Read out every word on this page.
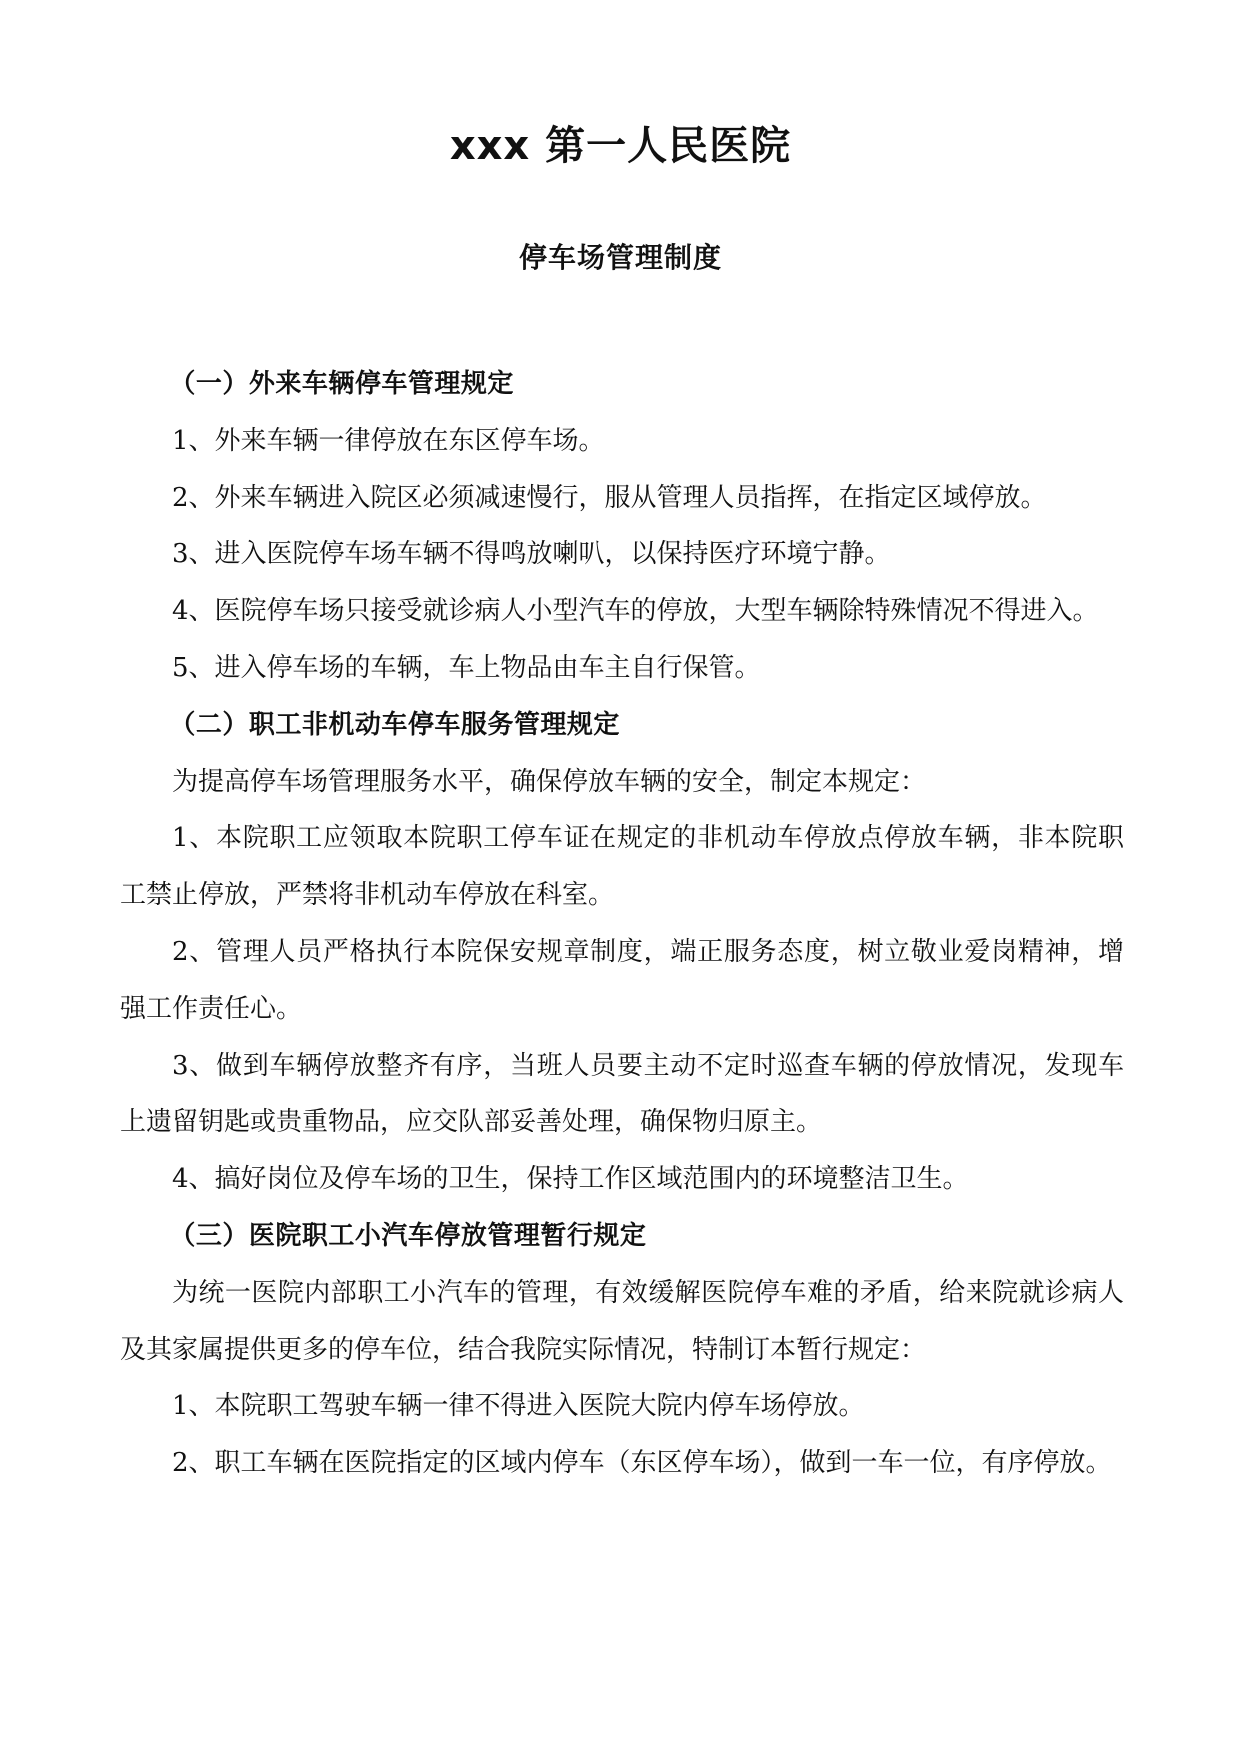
xxx 第一人民医院
停车场管理制度

（一）外来车辆停车管理规定

1、外来车辆一律停放在东区停车场。

2、外来车辆进入院区必须减速慢行，服从管理人员指挥，在指定区域停放。

3、进入医院停车场车辆不得鸣放喇叭，以保持医疗环境宁静。

4、医院停车场只接受就诊病人小型汽车的停放，大型车辆除特殊情况不得进入。

5、进入停车场的车辆，车上物品由车主自行保管。

（二）职工非机动车停车服务管理规定

为提高停车场管理服务水平，确保停放车辆的安全，制定本规定：

1、本院职工应领取本院职工停车证在规定的非机动车停放点停放车辆，非本院职工禁止停放，严禁将非机动车停放在科室。

2、管理人员严格执行本院保安规章制度，端正服务态度，树立敬业爱岗精神，增强工作责任心。

3、做到车辆停放整齐有序，当班人员要主动不定时巡查车辆的停放情况，发现车上遗留钥匙或贵重物品，应交队部妥善处理，确保物归原主。

4、搞好岗位及停车场的卫生，保持工作区域范围内的环境整洁卫生。

（三）医院职工小汽车停放管理暂行规定

为统一医院内部职工小汽车的管理，有效缓解医院停车难的矛盾，给来院就诊病人及其家属提供更多的停车位，结合我院实际情况，特制订本暂行规定：

1、本院职工驾驶车辆一律不得进入医院大院内停车场停放。

2、职工车辆在医院指定的区域内停车（东区停车场），做到一车一位，有序停放。
